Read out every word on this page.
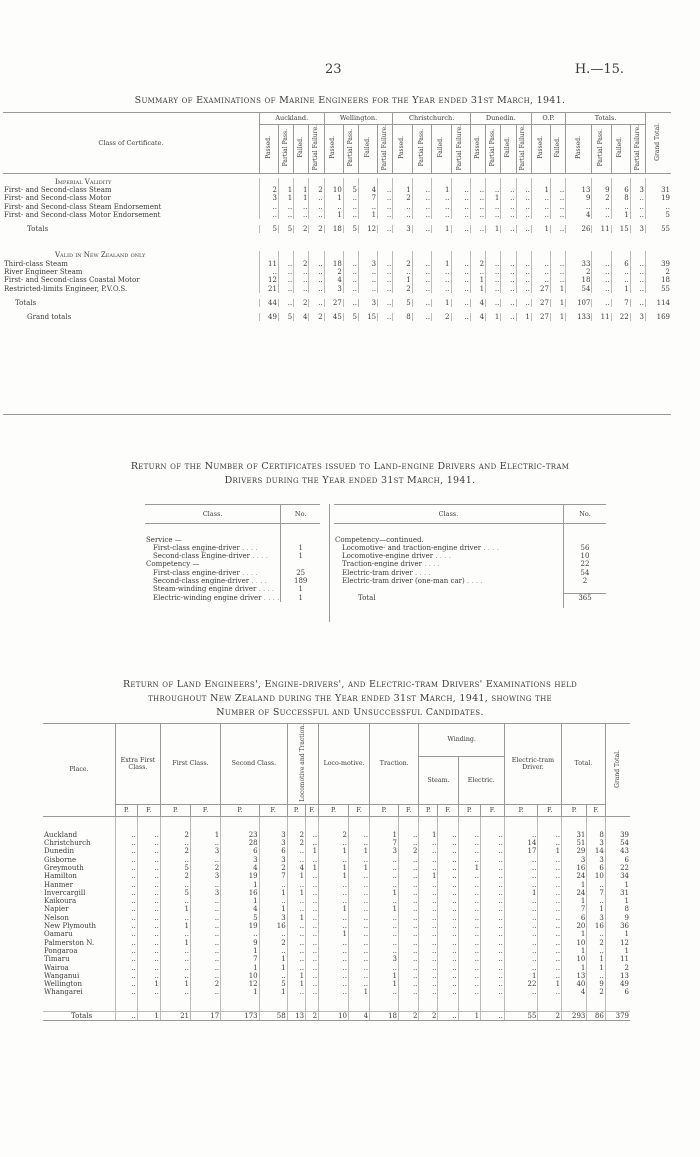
23	H.—15.
Summary of Examinations of Marine Engineers for the Year ended 31st March, 1941.
Class of Certificate.	Auckland.				Wellington.				Christchurch.				Dunedin.				O.P.		Totals.				Grand Total.
	Passed.	Partial Pass.	Failed.	Partial Failure.	Passed.	Partial Pass.	Failed.	Partial Failure.	Passed.	Partial Pass.	Failed.	Partial Failure.	Passed.	Partial Pass.	Failed.	Partial Failure.	Passed.	Failed.	Passed.	Partial Pass.	Failed.	Partial Failure.	

Imperial Validity																							
First- and Second-class Steam	2	1	1	2	10	5	4	..	1	..	1	..	..	..	..	..	1	..	13	9	6	3	31
First- and Second-class Motor	3	1	1	..	1	..	7	..	2	..	..	..	..	1	..	..	..	..	9	2	8	..	19
First- and Second-class Steam Endorsement	..	..	..	..	..	..	..	..	..	..	..	..	..	..	..	..	..	..	..	..	..	..	..
First- and Second-class Motor Endorsement	..	..	..	..	1	..	1	..	..	..	..	..	..	..	..	..	..	..	4	..	1	..	5

Totals	5	5	2	2	18	5	12	..	3	..	1	..	..	1	..	..	1	..	26	11	15	3	55

Valid in New Zealand only																							
Third-class Steam	11	..	2	..	18	..	3	..	2	..	1	..	2	..	..	..	..	..	33	..	6	..	39
River Engineer Steam	..	..	..	..	2	..	..	..	..	..	..	..	..	..	..	..	..	..	2	..	..	..	2
First- and Second-class Coastal Motor	12	..	..	..	4	..	..	..	1	..	..	..	1	..	..	..	..	..	18	..	..	..	18
Restricted-limits Engineer, P.V.O.S.	21	..	..	..	3	..	..	..	2	..	..	..	1	..	..	..	27	1	54	..	1	..	55

Totals	44	..	2	..	27	..	3	..	5	..	1	..	4	..	..	..	27	1	107	..	7	..	114

Grand totals	49	5	4	2	45	5	15	..	8	..	2	..	4	1	..	1	27	1	133	11	22	3	169

Return of the Number of Certificates issued to Land-engine Drivers and Electric-tram
Drivers during the Year ended 31st March, 1941.
Class.	No.

Service —	
First-class engine-driver . . . .	1
Second-class Engine-driver . . . .	1
Competency —	
First-class engine-driver . . . .	25
Second-class engine-driver . . . .	189
Steam-winding engine driver . . . .	1
Electric-winding engine driver . . . .	1
Class.	No.

Competency—continued.	
Locomotive- and traction-engine driver . . . .	56
Locomotive-engine driver . . . .	10
Traction-engine driver . . . .	22
Electric-tram driver . . . .	54
Electric-tram driver (one-man car) . . . .	2

Total	365

Return of Land Engineers', Engine-drivers', and Electric-tram Drivers' Examinations held
throughout New Zealand during the Year ended 31st March, 1941, showing the
Number of Successful and Unsuccessful Candidates.
Place.	Extra First Class.		First Class.		Second Class.		Locomotive and Traction.		Loco-motive.		Traction.		Winding.				Electric-tram Driver.		Total.		Grand Total.
													Steam.		Electric.						
	P.	F.	P.	F.	P.	F.	P.	F.	P.	F.	P.	F.	P.	F.	P.	F.	P.	F.	P.	F.	

Auckland	..	..	2	1	23	3	2	..	2	..	1	..	1	..	..	..	..	..	31	8	39
Christchurch	..	..	..	..	28	3	2	..	..	..	7	..	..	..	..	..	14	..	51	3	54
Dunedin	..	..	2	3	6	6	..	1	1	1	3	2	..	..	..	..	17	1	29	14	43
Gisborne	..	..	..	..	3	3	..	..	..	..	..	..	..	..	..	..	..	..	3	3	6
Greymouth	..	..	5	2	4	2	4	1	1	1	..	..	..	..	1	..	..	..	16	6	22
Hamilton	..	..	2	3	19	7	1	..	1	..	..	..	1	..	..	..	..	..	24	10	34
Hanmer	..	..	..	..	1	..	..	..	..	..	..	..	..	..	..	..	..	..	1	..	1
Invercargill	..	..	5	3	16	1	1	..	..	..	1	..	..	..	..	..	1	..	24	7	31
Kaikoura	..	..	..	..	1	..	..	..	..	..	..	..	..	..	..	..	..	..	1	..	1
Napier	..	..	1	..	4	1	..	..	1	..	1	..	..	..	..	..	..	..	7	1	8
Nelson	..	..	..	..	5	3	1	..	..	..	..	..	..	..	..	..	..	..	6	3	9
New Plymouth	..	..	1	..	19	16	..	..	..	..	..	..	..	..	..	..	..	..	20	16	36
Oamaru	..	..	..	..	..	..	..	..	1	..	..	..	..	..	..	..	..	..	1	..	1
Palmerston N.	..	..	1	..	9	2	..	..	..	..	..	..	..	..	..	..	..	..	10	2	12
Pongaroa	..	..	..	..	1	..	..	..	..	..	..	..	..	..	..	..	..	..	1	..	1
Timaru	..	..	..	..	7	1	..	..	..	..	3	..	..	..	..	..	..	..	10	1	11
Wairoa	..	..	..	..	1	1	..	..	..	..	..	..	..	..	..	..	..	..	1	1	2
Wanganui	..	..	..	..	10	..	1	..	..	..	1	..	..	..	..	..	1	..	13	..	13
Wellington	..	1	1	2	12	5	1	..	..	..	1	..	..	..	..	..	22	1	40	9	49
Whangarei	..	..	..	..	1	1	..	..	..	1	..	..	..	..	..	..	..	..	4	2	6

Totals	..	1	21	17	173	58	13	2	10	4	18	2	2	..	1	..	55	2	293	86	379
